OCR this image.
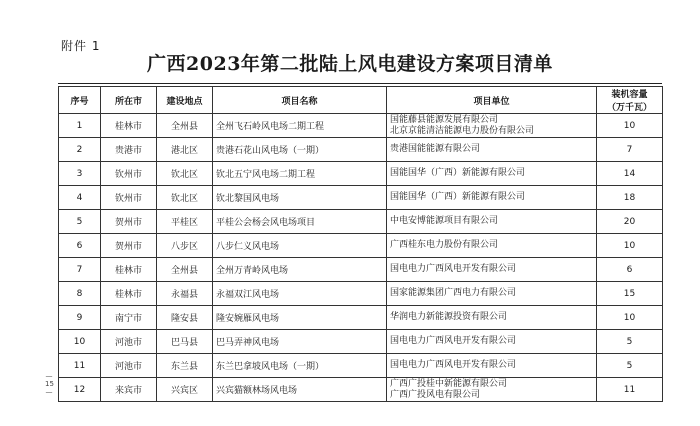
附件 1
广西2023年第二批陆上风电建设方案项目清单
序号	所在市	建设地点	项目名称	项目单位	装机容量
（万千瓦）

1	桂林市	全州县	全州飞石岭风电场二期工程	国能藤县能源发展有限公司
北京京能清洁能源电力股份有限公司	10
2	贵港市	港北区	贵港石花山风电场（一期）	贵港国能能源有限公司	7
3	钦州市	钦北区	钦北五宁风电场二期工程	国能国华（广西）新能源有限公司	14
4	钦州市	钦北区	钦北黎国风电场	国能国华（广西）新能源有限公司	18
5	贺州市	平桂区	平桂公会杨会风电场项目	中电安博能源项目有限公司	20
6	贺州市	八步区	八步仁义风电场	广西桂东电力股份有限公司	10
7	桂林市	全州县	全州万青岭风电场	国电电力广西风电开发有限公司	6
8	桂林市	永福县	永福双江风电场	国家能源集团广西电力有限公司	15
9	南宁市	隆安县	隆安婉雁风电场	华润电力新能源投资有限公司	10
10	河池市	巴马县	巴马弄神风电场	国电电力广西风电开发有限公司	5
11	河池市	东兰县	东兰巴拿坡风电场（一期）	国电电力广西风电开发有限公司	5
12	来宾市	兴宾区	兴宾猫额林场风电场	广西广投桂中新能源有限公司
广西广投风电有限公司	11
— 15 —
